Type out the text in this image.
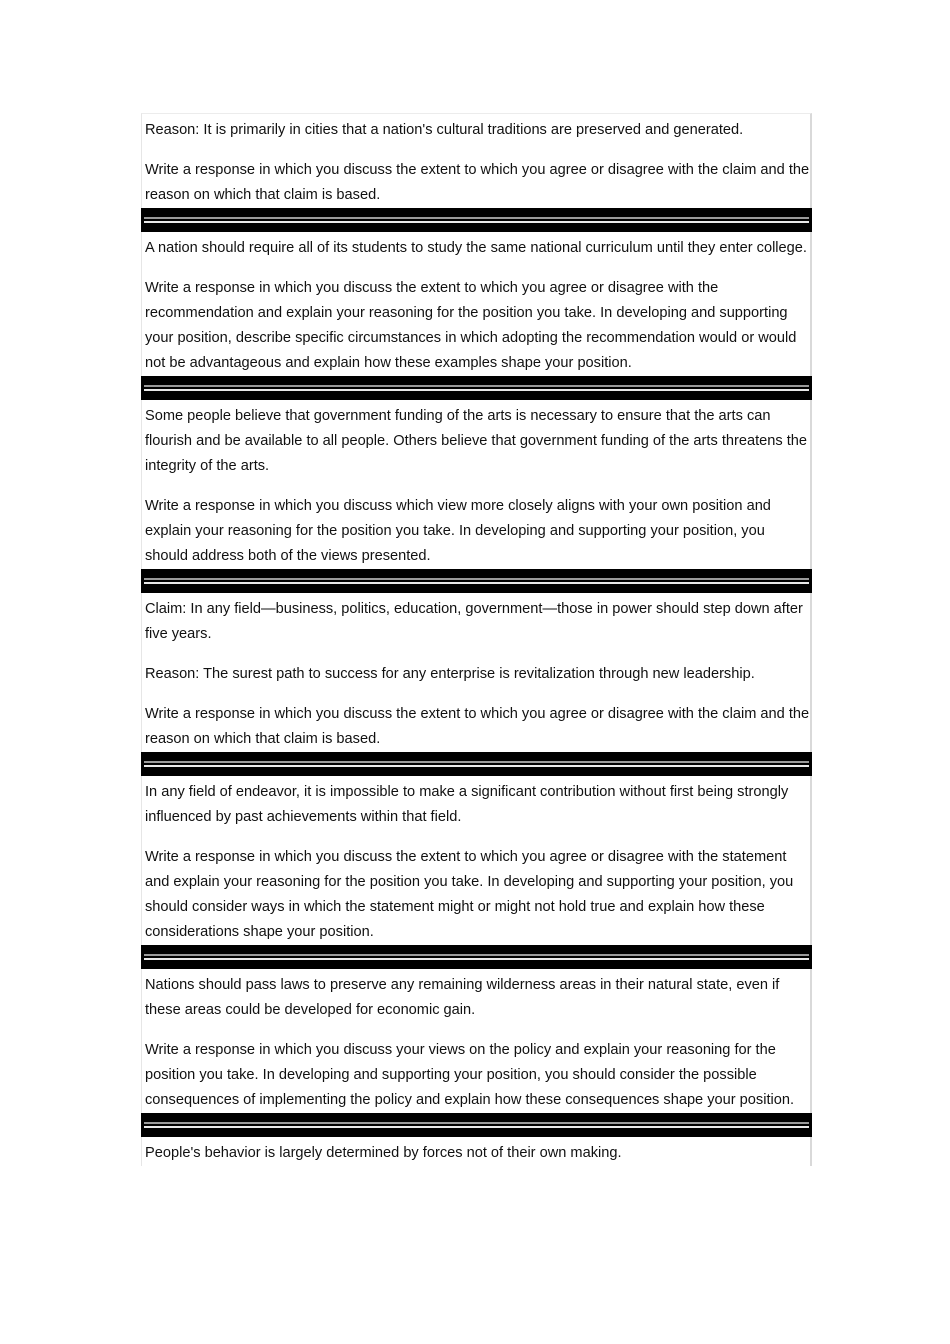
Reason: It is primarily in cities that a nation's cultural traditions are preserved and generated.

Write a response in which you discuss the extent to which you agree or disagree with the claim and the reason on which that claim is based.

A nation should require all of its students to study the same national curriculum until they enter college.

Write a response in which you discuss the extent to which you agree or disagree with the recommendation and explain your reasoning for the position you take. In developing and supporting your position, describe specific circumstances in which adopting the recommendation would or would not be advantageous and explain how these examples shape your position.

Some people believe that government funding of the arts is necessary to ensure that the arts can flourish and be available to all people. Others believe that government funding of the arts threatens the integrity of the arts.

Write a response in which you discuss which view more closely aligns with your own position and explain your reasoning for the position you take. In developing and supporting your position, you should address both of the views presented.

Claim: In any field—business, politics, education, government—those in power should step down after five years.

Reason: The surest path to success for any enterprise is revitalization through new leadership.

Write a response in which you discuss the extent to which you agree or disagree with the claim and the reason on which that claim is based.

In any field of endeavor, it is impossible to make a significant contribution without first being strongly influenced by past achievements within that field.

Write a response in which you discuss the extent to which you agree or disagree with the statement and explain your reasoning for the position you take. In developing and supporting your position, you should consider ways in which the statement might or might not hold true and explain how these considerations shape your position.

Nations should pass laws to preserve any remaining wilderness areas in their natural state, even if these areas could be developed for economic gain.

Write a response in which you discuss your views on the policy and explain your reasoning for the position you take. In developing and supporting your position, you should consider the possible consequences of implementing the policy and explain how these consequences shape your position.

People's behavior is largely determined by forces not of their own making.
